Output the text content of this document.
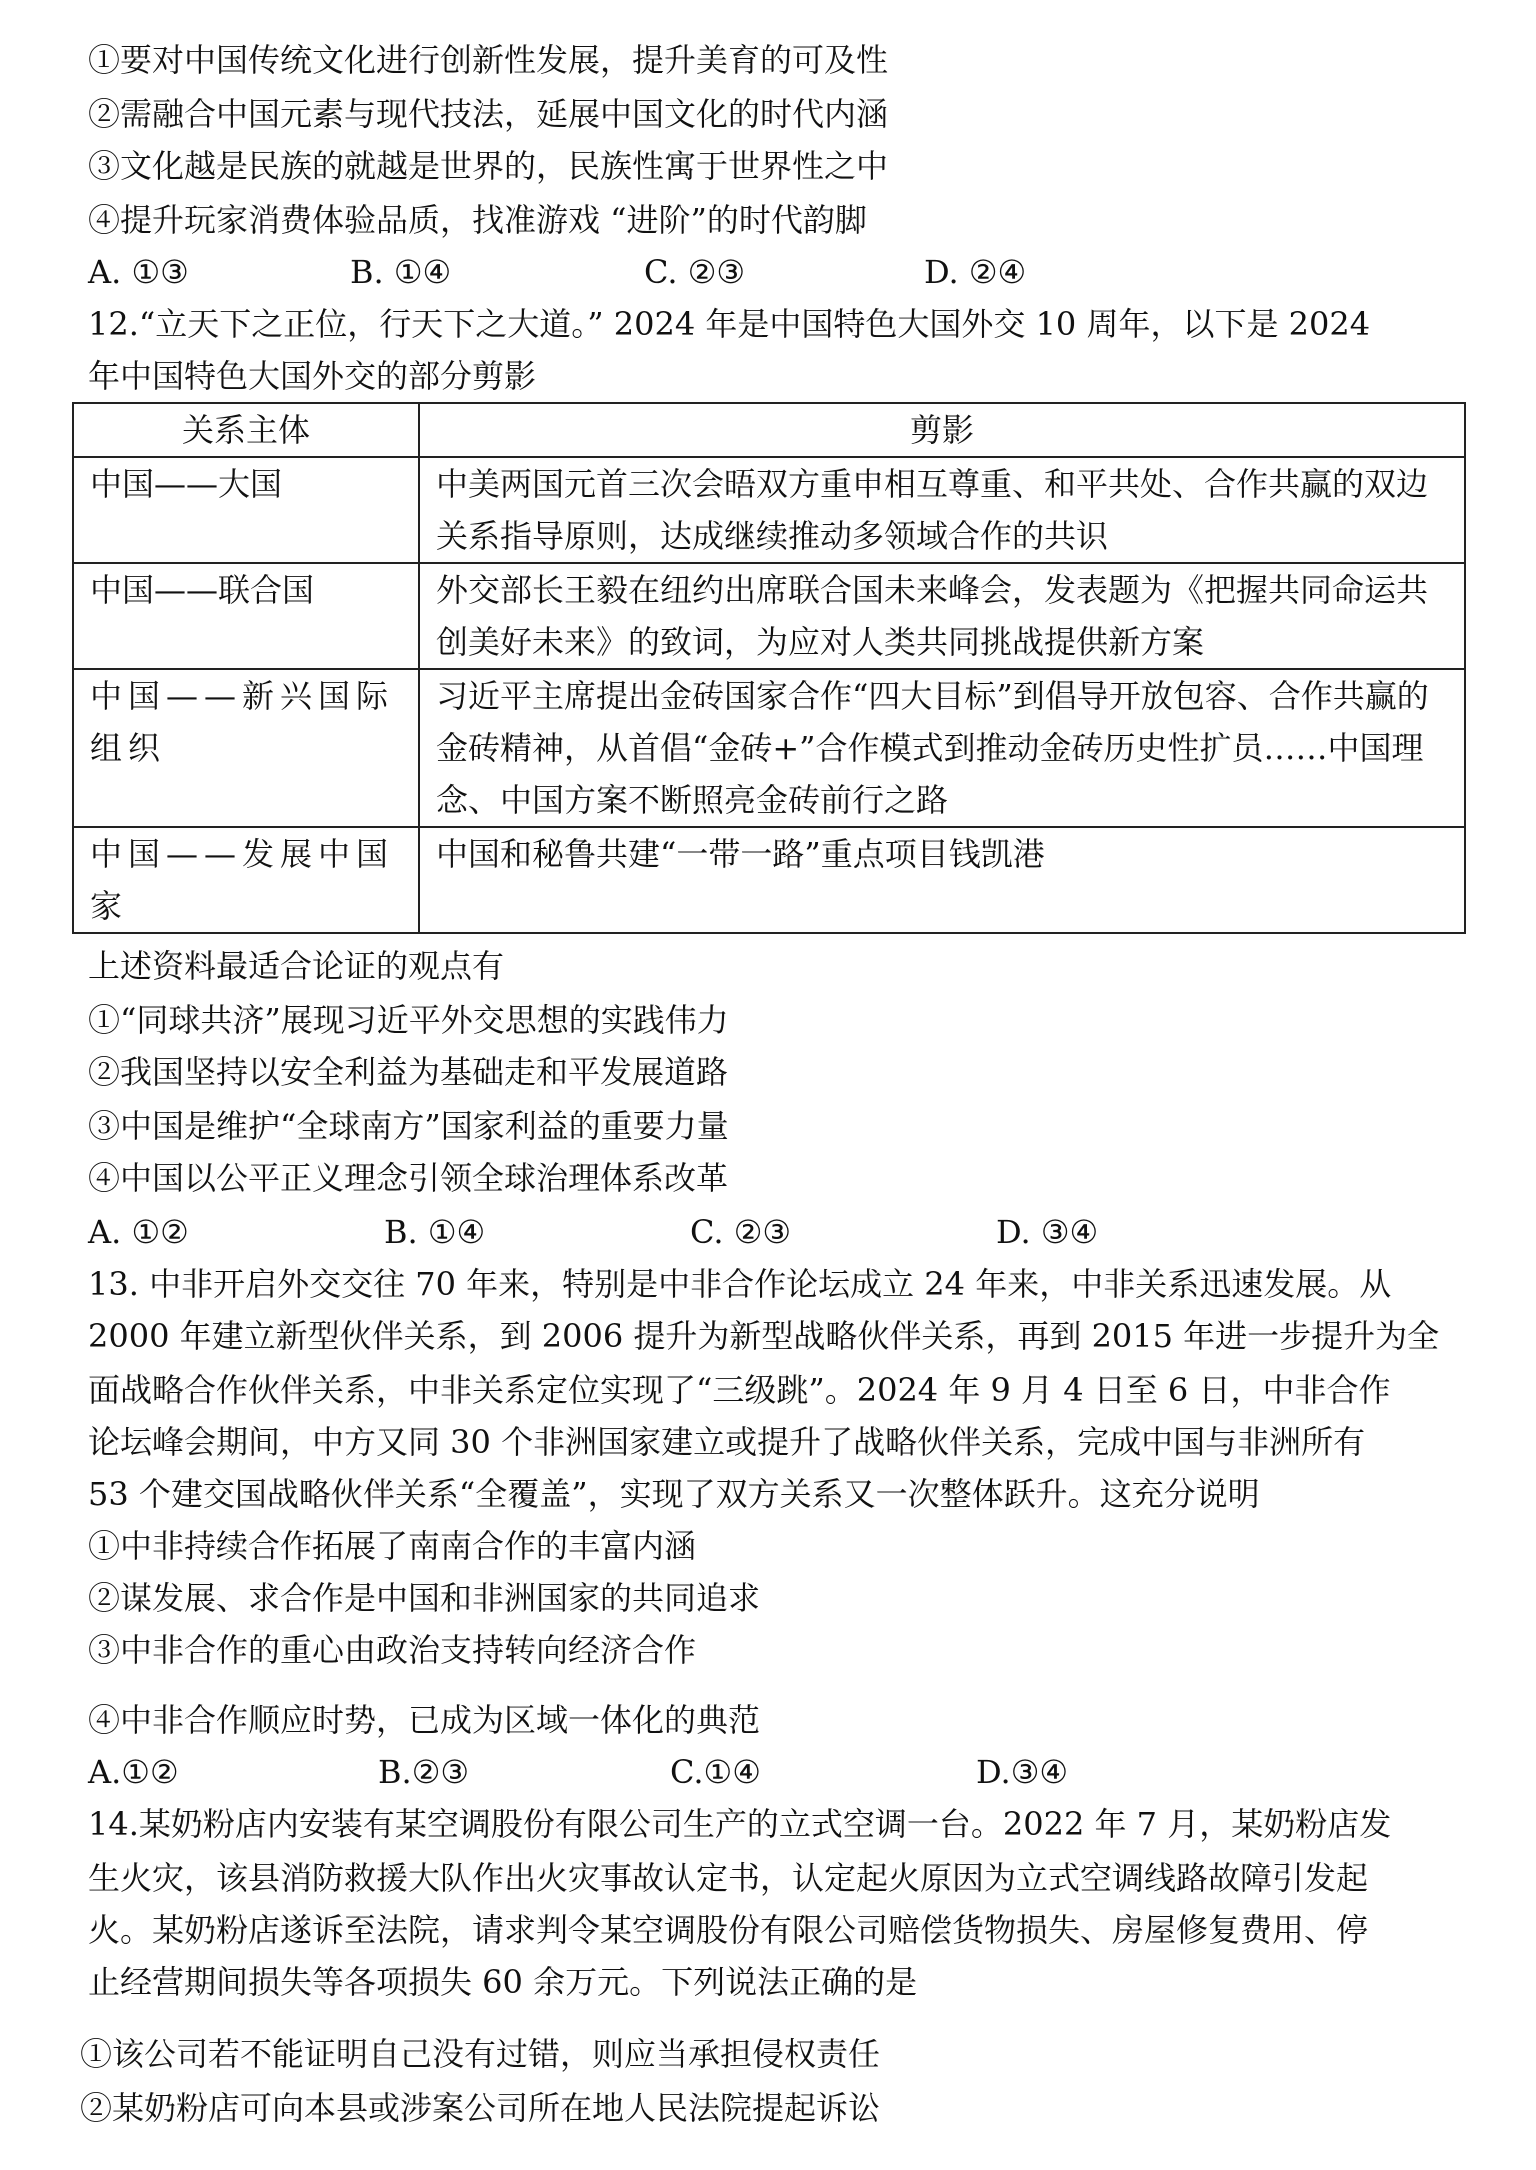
①要对中国传统文化进行创新性发展，提升美育的可及性
②需融合中国元素与现代技法，延展中国文化的时代内涵
③文化越是民族的就越是世界的，民族性寓于世界性之中
④提升玩家消费体验品质，找准游戏 “进阶”的时代韵脚
A. ①③	B. ①④	C. ②③	D. ②④
12.“立天下之正位，行天下之大道。” 2024 年是中国特色大国外交 10 周年，以下是 2024
年中国特色大国外交的部分剪影
关系主体	剪影

中国——大国	中美两国元首三次会晤双方重申相互尊重、和平共处、合作共赢的双边关系指导原则，达成继续推动多领域合作的共识

中国——联合国	外交部长王毅在纽约出席联合国未来峰会，发表题为《把握共同命运共创美好未来》的致词，为应对人类共同挑战提供新方案

中国——新兴国际组织	习近平主席提出金砖国家合作“四大目标”到倡导开放包容、合作共赢的金砖精神，从首倡“金砖+”合作模式到推动金砖历史性扩员……中国理念、中国方案不断照亮金砖前行之路

中国——发展中国家	中国和秘鲁共建“一带一路”重点项目钱凯港
上述资料最适合论证的观点有
①“同球共济”展现习近平外交思想的实践伟力
②我国坚持以安全利益为基础走和平发展道路
③中国是维护“全球南方”国家利益的重要力量
④中国以公平正义理念引领全球治理体系改革
A. ①②	B. ①④	C. ②③	D. ③④
13. 中非开启外交交往 70 年来，特别是中非合作论坛成立 24 年来，中非关系迅速发展。从
2000 年建立新型伙伴关系，到 2006 提升为新型战略伙伴关系，再到 2015 年进一步提升为全
面战略合作伙伴关系，中非关系定位实现了“三级跳”。2024 年 9 月 4 日至 6 日，中非合作
论坛峰会期间，中方又同 30 个非洲国家建立或提升了战略伙伴关系，完成中国与非洲所有
53 个建交国战略伙伴关系“全覆盖”，实现了双方关系又一次整体跃升。这充分说明
①中非持续合作拓展了南南合作的丰富内涵
②谋发展、求合作是中国和非洲国家的共同追求
③中非合作的重心由政治支持转向经济合作
④中非合作顺应时势，已成为区域一体化的典范
A.①②	B.②③	C.①④	D.③④
14.某奶粉店内安装有某空调股份有限公司生产的立式空调一台。2022 年 7 月，某奶粉店发
生火灾，该县消防救援大队作出火灾事故认定书，认定起火原因为立式空调线路故障引发起
火。某奶粉店遂诉至法院，请求判令某空调股份有限公司赔偿货物损失、房屋修复费用、停
止经营期间损失等各项损失 60 余万元。下列说法正确的是
①该公司若不能证明自己没有过错，则应当承担侵权责任
②某奶粉店可向本县或涉案公司所在地人民法院提起诉讼
